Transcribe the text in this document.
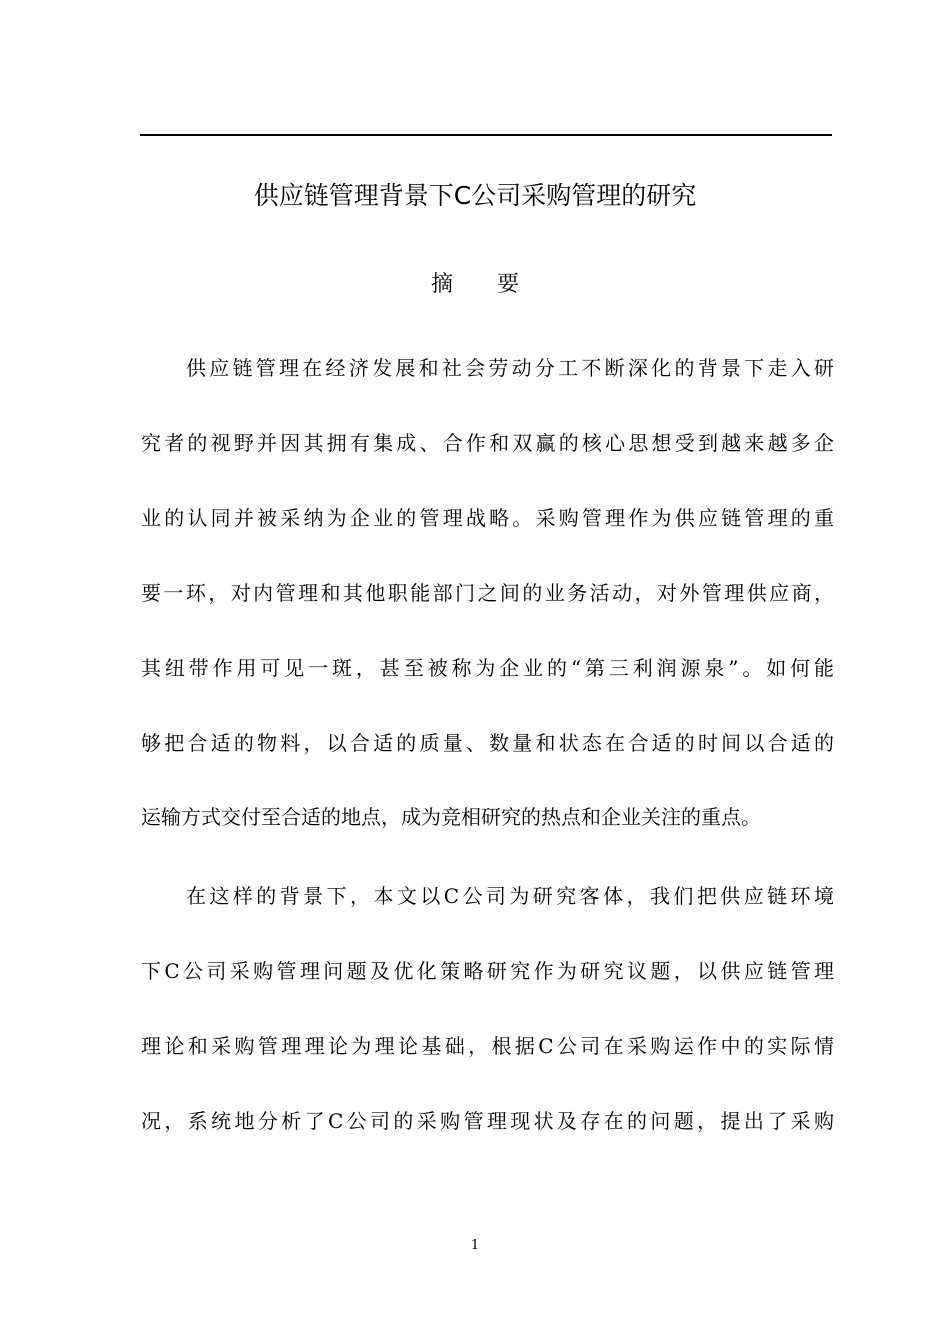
供应链管理背景下C公司采购管理的研究
摘　　要
供应链管理在经济发展和社会劳动分工不断深化的背景下走入研
究者的视野并因其拥有集成、合作和双赢的核心思想受到越来越多企
业的认同并被采纳为企业的管理战略。采购管理作为供应链管理的重
要一环，对内管理和其他职能部门之间的业务活动，对外管理供应商，
其纽带作用可见一斑，甚至被称为企业的“第三利润源泉”。如何能
够把合适的物料，以合适的质量、数量和状态在合适的时间以合适的
运输方式交付至合适的地点，成为竞相研究的热点和企业关注的重点。
在这样的背景下，本文以C公司为研究客体，我们把供应链环境
下C公司采购管理问题及优化策略研究作为研究议题，以供应链管理
理论和采购管理理论为理论基础，根据C公司在采购运作中的实际情
况，系统地分析了C公司的采购管理现状及存在的问题，提出了采购
1
